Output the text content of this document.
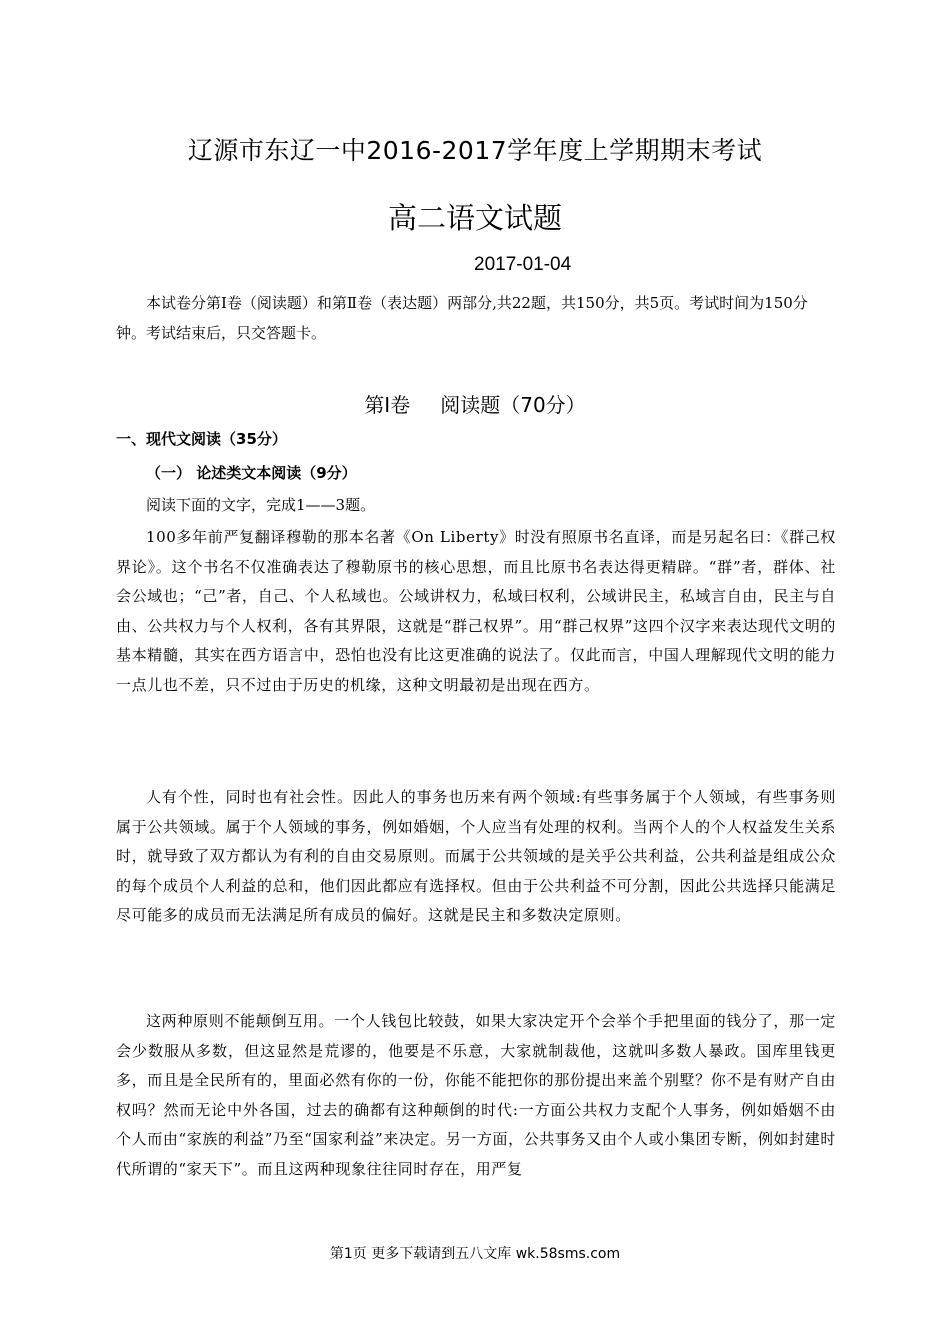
辽源市东辽一中2016-2017学年度上学期期末考试
高二语文试题
2017-01-04
本试卷分第Ⅰ卷（阅读题）和第Ⅱ卷（表达题）两部分,共22题，共150分，共5页。考试时间为150分钟。考试结束后，只交答题卡。
第Ⅰ卷 阅读题（70分）
一、现代文阅读（35分）
（一） 论述类文本阅读（9分）
阅读下面的文字，完成1——3题。
100多年前严复翻译穆勒的那本名著《On Liberty》时没有照原书名直译，而是另起名曰：《群己权界论》。这个书名不仅准确表达了穆勒原书的核心思想，而且比原书名表达得更精辟。“群”者，群体、社会公域也；“己”者，自己、个人私域也。公域讲权力，私域曰权利，公域讲民主，私域言自由，民主与自由、公共权力与个人权利，各有其界限，这就是“群己权界”。用“群己权界”这四个汉字来表达现代文明的基本精髓，其实在西方语言中，恐怕也没有比这更准确的说法了。仅此而言，中国人理解现代文明的能力一点儿也不差，只不过由于历史的机缘，这种文明最初是出现在西方。
人有个性，同时也有社会性。因此人的事务也历来有两个领域:有些事务属于个人领域，有些事务则属于公共领域。属于个人领域的事务，例如婚姻，个人应当有处理的权利。当两个人的个人权益发生关系时，就导致了双方都认为有利的自由交易原则。而属于公共领域的是关乎公共利益，公共利益是组成公众的每个成员个人利益的总和，他们因此都应有选择权。但由于公共利益不可分割，因此公共选择只能满足尽可能多的成员而无法满足所有成员的偏好。这就是民主和多数决定原则。
这两种原则不能颠倒互用。一个人钱包比较鼓，如果大家决定开个会举个手把里面的钱分了，那一定会少数服从多数，但这显然是荒谬的，他要是不乐意，大家就制裁他，这就叫多数人暴政。国库里钱更多，而且是全民所有的，里面必然有你的一份，你能不能把你的那份提出来盖个别墅？你不是有财产自由权吗？然而无论中外各国，过去的确都有这种颠倒的时代:一方面公共权力支配个人事务，例如婚姻不由个人而由“家族的利益”乃至“国家利益”来决定。另一方面，公共事务又由个人或小集团专断，例如封建时代所谓的“家天下”。而且这两种现象往往同时存在，用严复
第1页 更多下载请到五八文库 wk.58sms.com
